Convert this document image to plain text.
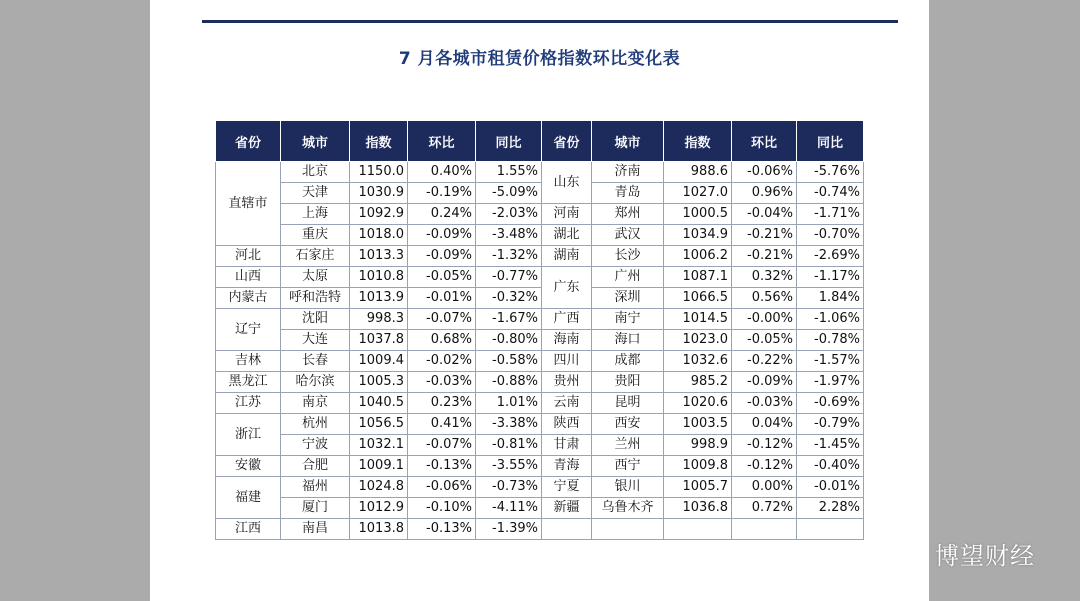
7 月各城市租赁价格指数环比变化表
省份	城市	指数	环比	同比	省份	城市	指数	环比	同比
直辖市	北京	1150.0	0.40%	1.55%	山东	济南	988.6	-0.06%	-5.76%
	天津	1030.9	-0.19%	-5.09%		青岛	1027.0	0.96%	-0.74%
	上海	1092.9	0.24%	-2.03%	河南	郑州	1000.5	-0.04%	-1.71%
	重庆	1018.0	-0.09%	-3.48%	湖北	武汉	1034.9	-0.21%	-0.70%
河北	石家庄	1013.3	-0.09%	-1.32%	湖南	长沙	1006.2	-0.21%	-2.69%
山西	太原	1010.8	-0.05%	-0.77%	广东	广州	1087.1	0.32%	-1.17%
内蒙古	呼和浩特	1013.9	-0.01%	-0.32%		深圳	1066.5	0.56%	1.84%
辽宁	沈阳	998.3	-0.07%	-1.67%	广西	南宁	1014.5	-0.00%	-1.06%
	大连	1037.8	0.68%	-0.80%	海南	海口	1023.0	-0.05%	-0.78%
吉林	长春	1009.4	-0.02%	-0.58%	四川	成都	1032.6	-0.22%	-1.57%
黑龙江	哈尔滨	1005.3	-0.03%	-0.88%	贵州	贵阳	985.2	-0.09%	-1.97%
江苏	南京	1040.5	0.23%	1.01%	云南	昆明	1020.6	-0.03%	-0.69%
浙江	杭州	1056.5	0.41%	-3.38%	陕西	西安	1003.5	0.04%	-0.79%
	宁波	1032.1	-0.07%	-0.81%	甘肃	兰州	998.9	-0.12%	-1.45%
安徽	合肥	1009.1	-0.13%	-3.55%	青海	西宁	1009.8	-0.12%	-0.40%
福建	福州	1024.8	-0.06%	-0.73%	宁夏	银川	1005.7	0.00%	-0.01%
	厦门	1012.9	-0.10%	-4.11%	新疆	乌鲁木齐	1036.8	0.72%	2.28%
江西	南昌	1013.8	-0.13%	-1.39%					
博望财经
